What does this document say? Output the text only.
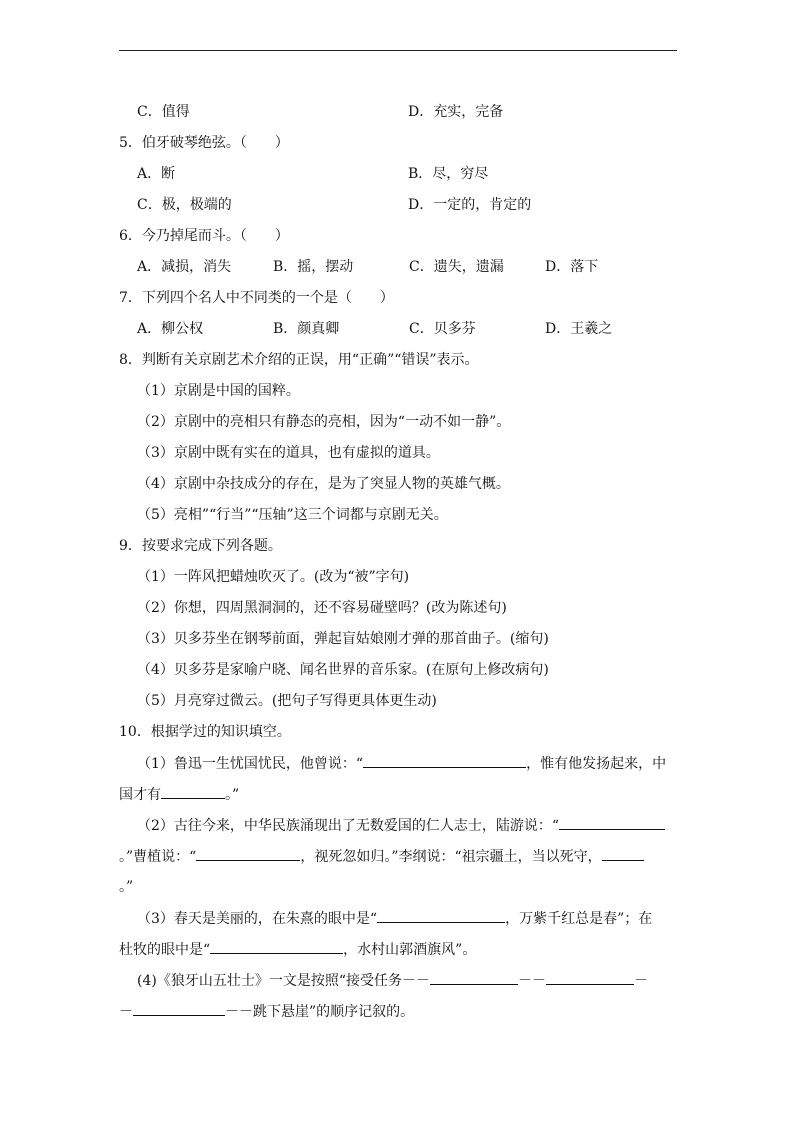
C．值得	D．充实，完备
5．伯牙破琴绝弦。（　　）
A．断	B．尽，穷尽
C．极，极端的	D．一定的，肯定的
6．今乃掉尾而斗。（　　）
A．减损，消失	B．摇，摆动	C．遗失，遗漏	D．落下
7．下列四个名人中不同类的一个是（　　）
A．柳公权	B．颜真卿	C．贝多芬	D．王羲之
8．判断有关京剧艺术介绍的正误，用“正确”“错误”表示。
（1）京剧是中国的国粹。
（2）京剧中的亮相只有静态的亮相，因为“一动不如一静”。
（3）京剧中既有实在的道具，也有虚拟的道具。
（4）京剧中杂技成分的存在，是为了突显人物的英雄气概。
（5）亮相”“行当”“压轴”这三个词都与京剧无关。
9．按要求完成下列各题。
（1）一阵风把蜡烛吹灭了。(改为“被”字句)
（2）你想，四周黑洞洞的，还不容易碰壁吗？(改为陈述句)
（3）贝多芬坐在钢琴前面，弹起盲姑娘刚才弹的那首曲子。(缩句)
（4）贝多芬是家喻户晓、闻名世界的音乐家。(在原句上修改病句)
（5）月亮穿过微云。(把句子写得更具体更生动)
10．根据学过的知识填空。
（1）鲁迅一生忧国忧民，他曾说：“	，惟有他发扬起来，中
国才有	。”
（2）古往今来，中华民族涌现出了无数爱国的仁人志士，陆游说：“
。”曹植说：“	，视死忽如归。”李纲说：“祖宗疆土，当以死守，
。”
（3）春天是美丽的，在朱熹的眼中是“	，万紫千红总是春”；在
杜牧的眼中是“	，水村山郭酒旗风”。
(4)《狼牙山五壮士》一文是按照“接受任务－－	－－	－
－	－－跳下悬崖”的顺序记叙的。
